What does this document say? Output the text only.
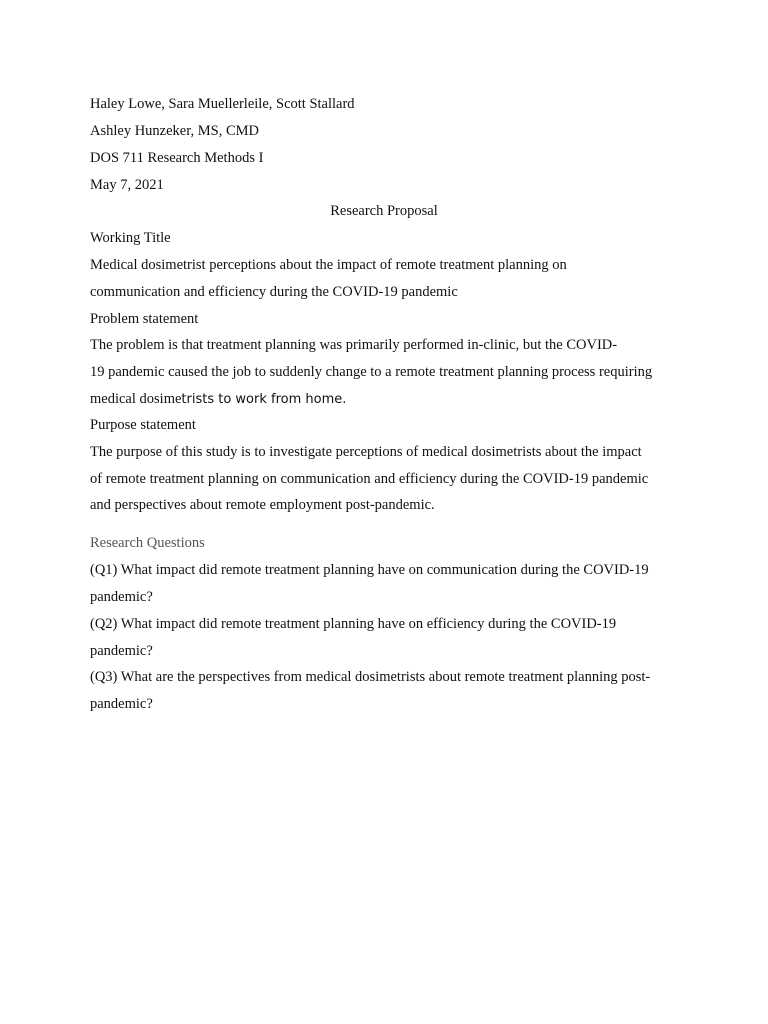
Haley Lowe, Sara Muellerleile, Scott Stallard
Ashley Hunzeker, MS, CMD
DOS 711 Research Methods I
May 7, 2021
Research Proposal
Working Title
Medical dosimetrist perceptions about the impact of remote treatment planning on
communication and efficiency during the COVID-19 pandemic
Problem statement
The problem is that treatment planning was primarily performed in-clinic, but the COVID-
19 pandemic caused the job to suddenly change to a remote treatment planning process requiring
medical dosimetrists to work from home.
Purpose statement
The purpose of this study is to investigate perceptions of medical dosimetrists about the impact
of remote treatment planning on communication and efficiency during the COVID-19 pandemic
and perspectives about remote employment post-pandemic.
Research Questions
(Q1) What impact did remote treatment planning have on communication during the COVID-19
pandemic?
(Q2) What impact did remote treatment planning have on efficiency during the COVID-19
pandemic?
(Q3) What are the perspectives from medical dosimetrists about remote treatment planning post-
pandemic?
